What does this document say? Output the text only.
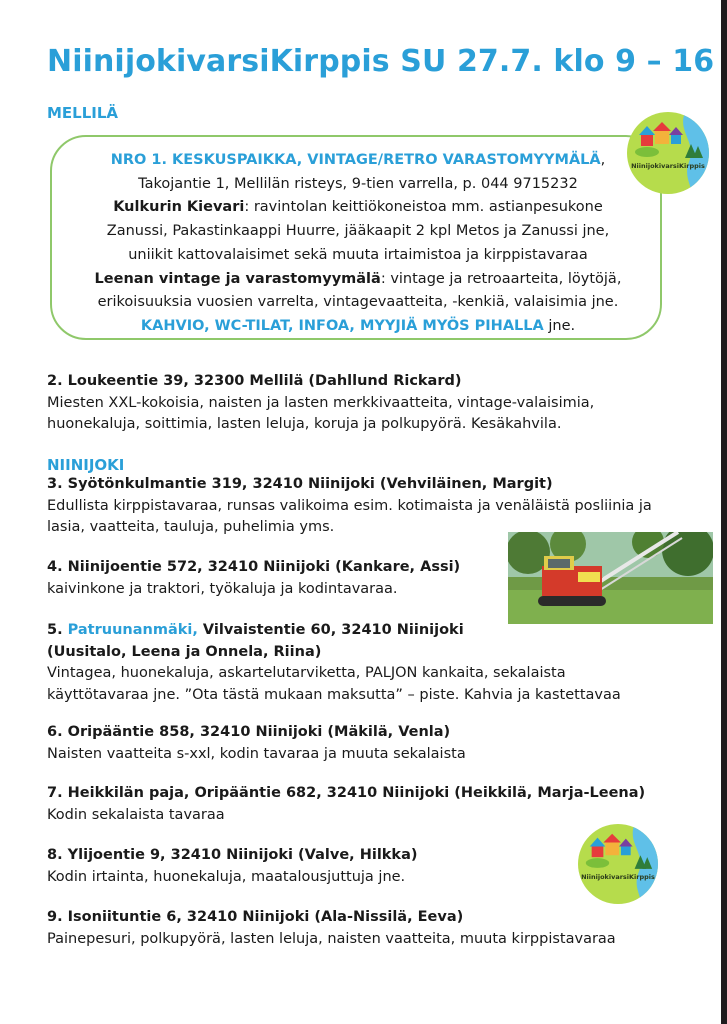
NiinijokivarsiKirppis SU 27.7. klo 9 – 16
MELLILÄ
NRO 1. KESKUSPAIKKA, VINTAGE/RETRO VARASTOMYYMÄLÄ,
Takojantie 1, Mellilän risteys, 9-tien varrella, p. 044 9715232
Kulkurin Kievari: ravintolan keittiökoneistoa mm. astianpesukone
Zanussi, Pakastinkaappi Huurre, jääkaapit 2 kpl Metos ja Zanussi jne,
uniikit kattovalaisimet sekä muuta irtaimistoa ja kirppistavaraa
Leenan vintage ja varastomyymälä: vintage ja retroaarteita, löytöjä,
erikoisuuksia vuosien varrelta, vintagevaatteita, -kenkiä, valaisimia jne.
KAHVIO, WC-TILAT, INFOA, MYYJIÄ MYÖS PIHALLA jne.
NiinijokivarsiKirppis
2. Loukeentie 39, 32300 Mellilä (Dahllund Rickard)
Miesten XXL-kokoisia, naisten ja lasten merkkivaatteita, vintage-valaisimia,
huonekaluja, soittimia, lasten leluja, koruja ja polkupyörä. Kesäkahvila.
NIINIJOKI
3. Syötönkulmantie 319, 32410 Niinijoki (Vehviläinen, Margit)
Edullista kirppistavaraa, runsas valikoima esim. kotimaista ja venäläistä posliinia ja
lasia, vaatteita, tauluja, puhelimia yms.
4. Niinijoentie 572, 32410 Niinijoki (Kankare, Assi)
kaivinkone ja traktori, työkaluja ja kodintavaraa.
5. Patruunanmäki, Vilvaistentie 60, 32410 Niinijoki
(Uusitalo, Leena ja Onnela, Riina)
Vintagea, huonekaluja, askartelutarviketta, PALJON kankaita, sekalaista
käyttötavaraa jne. ”Ota tästä mukaan maksutta” – piste. Kahvia ja kastettavaa
6. Oripääntie 858, 32410 Niinijoki (Mäkilä, Venla)
Naisten vaatteita s-xxl, kodin tavaraa ja muuta sekalaista
7. Heikkilän paja, Oripääntie 682, 32410 Niinijoki (Heikkilä, Marja-Leena)
Kodin sekalaista tavaraa
8. Ylijoentie 9, 32410 Niinijoki (Valve, Hilkka)
Kodin irtainta, huonekaluja, maatalousjuttuja jne.	NiinijokivarsiKirppis
9. Isoniituntie 6, 32410 Niinijoki (Ala-Nissilä, Eeva)
Painepesuri, polkupyörä, lasten leluja, naisten vaatteita, muuta kirppistavaraa
